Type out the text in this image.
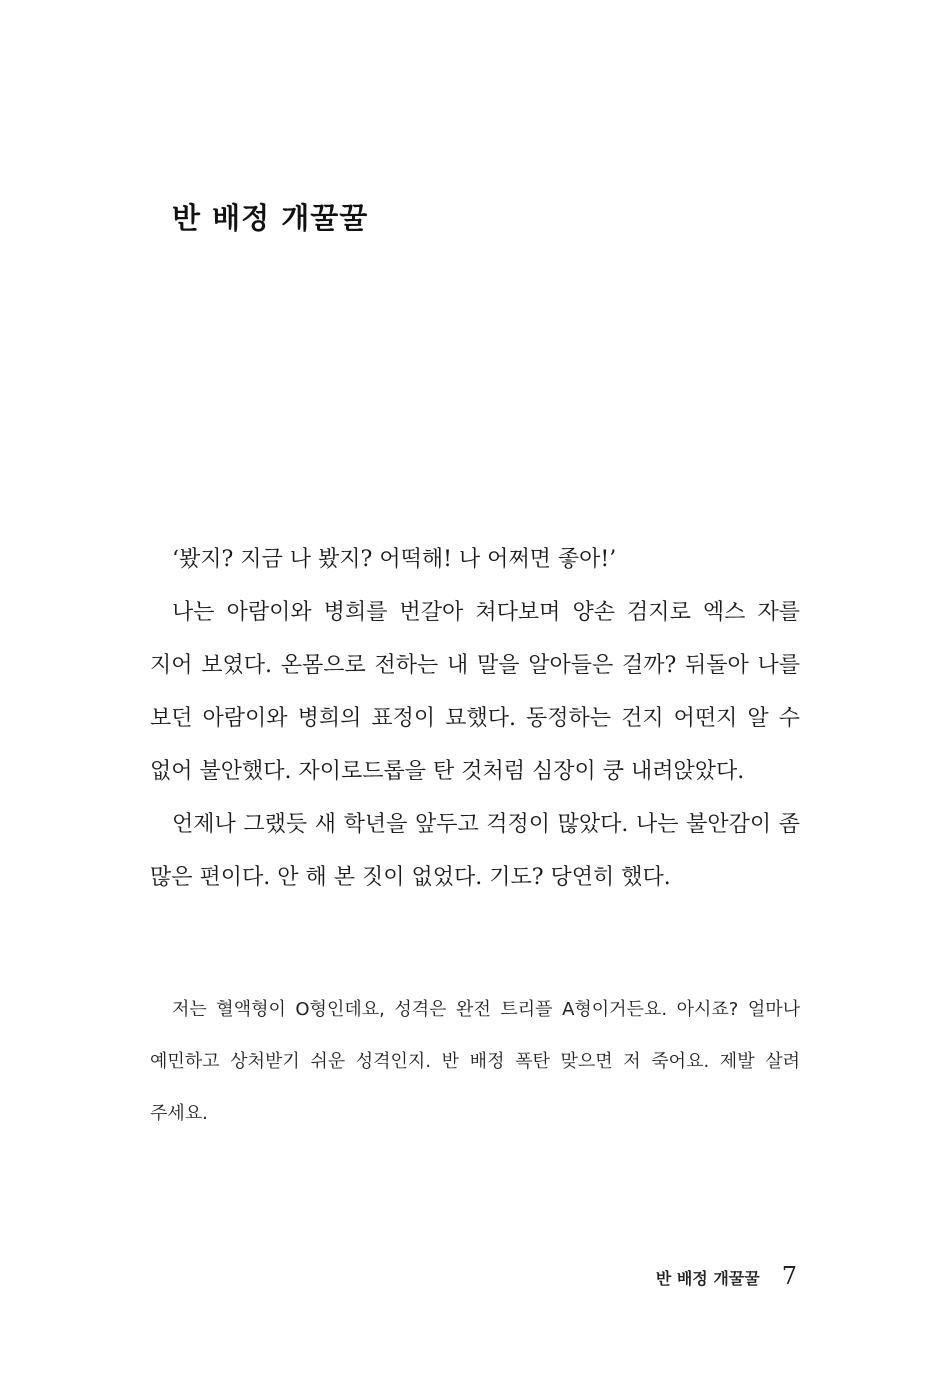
반 배정 개꿀꿀

‘봤지? 지금 나 봤지? 어떡해! 나 어쩌면 좋아!’

나는 아람이와 병희를 번갈아 쳐다보며 양손 검지로 엑스 자를 지어 보였다. 온몸으로 전하는 내 말을 알아들은 걸까? 뒤돌아 나를 보던 아람이와 병희의 표정이 묘했다. 동정하는 건지 어떤지 알 수 없어 불안했다. 자이로드롭을 탄 것처럼 심장이 쿵 내려앉았다.

언제나 그랬듯 새 학년을 앞두고 걱정이 많았다. 나는 불안감이 좀 많은 편이다. 안 해 본 짓이 없었다. 기도? 당연히 했다.

저는 혈액형이 O형인데요, 성격은 완전 트리플 A형이거든요. 아시죠? 얼마나 예민하고 상처받기 쉬운 성격인지. 반 배정 폭탄 맞으면 저 죽어요. 제발 살려 주세요.

반 배정 개꿀꿀 7
